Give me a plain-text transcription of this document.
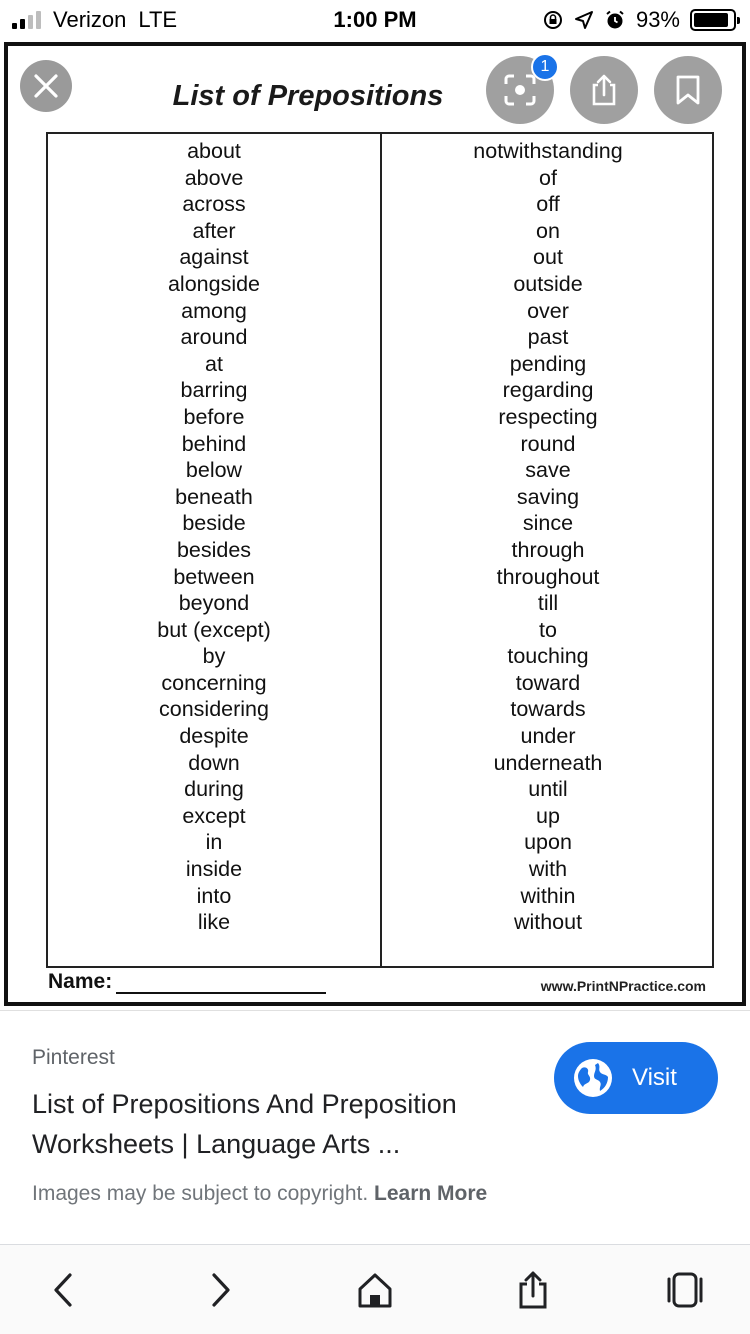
Verizon LTE	1:00 PM	93%
List of Prepositions
about
above
across
after
against
alongside
among
around
at
barring
before
behind
below
beneath
beside
besides
between
beyond
but (except)
by
concerning
considering
despite
down
during
except
in
inside
into
like
notwithstanding
of
off
on
out
outside
over
past
pending
regarding
respecting
round
save
saving
since
through
throughout
till
to
touching
toward
towards
under
underneath
until
up
upon
with
within
without
Name:	www.PrintNPractice.com
1
Pinterest
List of Prepositions And Preposition Worksheets | Language Arts ...
Visit
Images may be subject to copyright. Learn More
